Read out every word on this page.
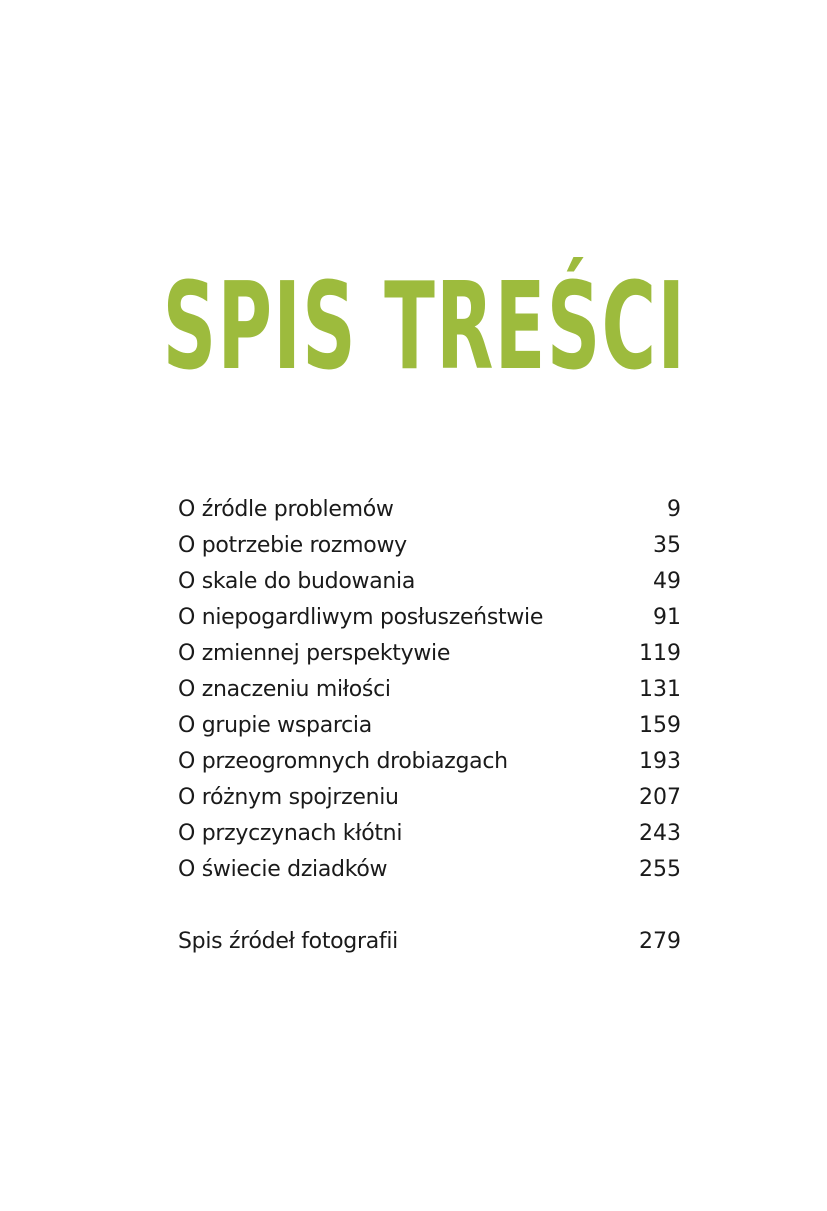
SPIS TREŚCI
O źródle problemów	9
O potrzebie rozmowy	35
O skale do budowania	49
O niepogardliwym posłuszeństwie	91
O zmiennej perspektywie	119
O znaczeniu miłości	131
O grupie wsparcia	159
O przeogromnych drobiazgach	193
O różnym spojrzeniu	207
O przyczynach kłótni	243
O świecie dziadków	255
Spis źródeł fotografii	279
